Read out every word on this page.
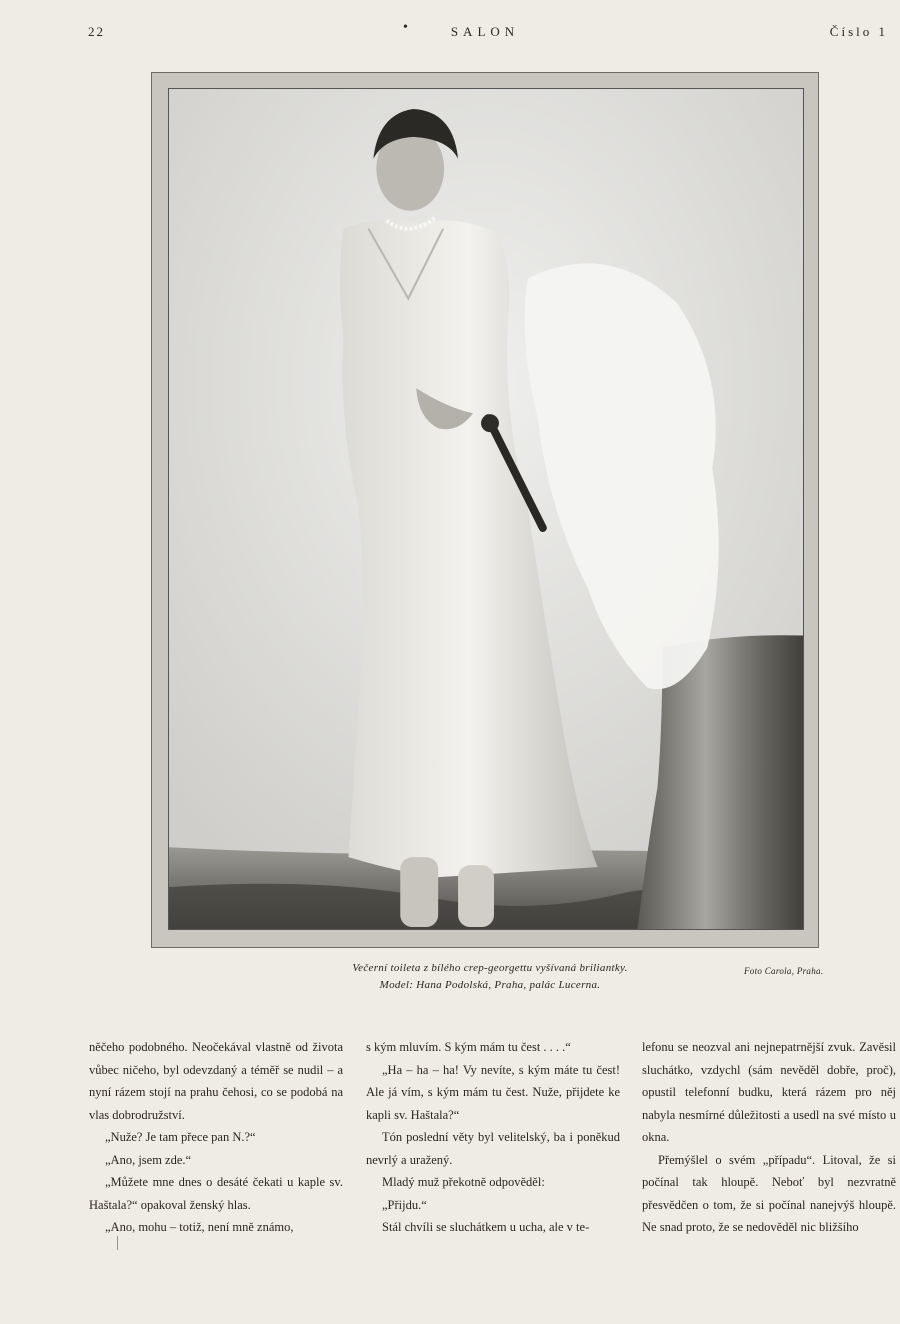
22	•	SALON	Číslo 1
Večerní toileta z bílého crep-georgettu vyšívaná briliantky.
Model: Hana Podolská, Praha, palác Lucerna.
Foto Carola, Praha.

něčeho podobného. Neočekával vlastně od života vůbec ničeho, byl odevzdaný a téměř se nudil – a nyní rázem stojí na prahu čehosi, co se podobá na vlas dobrodružství.

„Nuže? Je tam přece pan N.?“

„Ano, jsem zde.“

„Můžete mne dnes o desáté čekati u kaple sv. Haštala?“ opakoval ženský hlas.

„Ano, mohu – totiž, není mně známo,

s kým mluvím. S kým mám tu čest . . . .“

„Ha – ha – ha! Vy nevíte, s kým máte tu čest! Ale já vím, s kým mám tu čest. Nuže, přijdete ke kapli sv. Haštala?“

Tón poslední věty byl velitelský, ba i poněkud nevrlý a uražený.

Mladý muž překotně odpověděl:

„Přijdu.“

Stál chvíli se sluchátkem u ucha, ale v te-

lefonu se neozval ani nejnepatrnější zvuk. Zavěsil sluchátko, vzdychl (sám nevěděl dobře, proč), opustil telefonní budku, která rázem pro něj nabyla nesmírné důležitosti a usedl na své místo u okna.

Přemýšlel o svém „případu“. Litoval, že si počínal tak hloupě. Neboť byl nezvratně přesvědčen o tom, že si počínal nanejvýš hloupě. Ne snad proto, že se nedověděl nic bližšího
